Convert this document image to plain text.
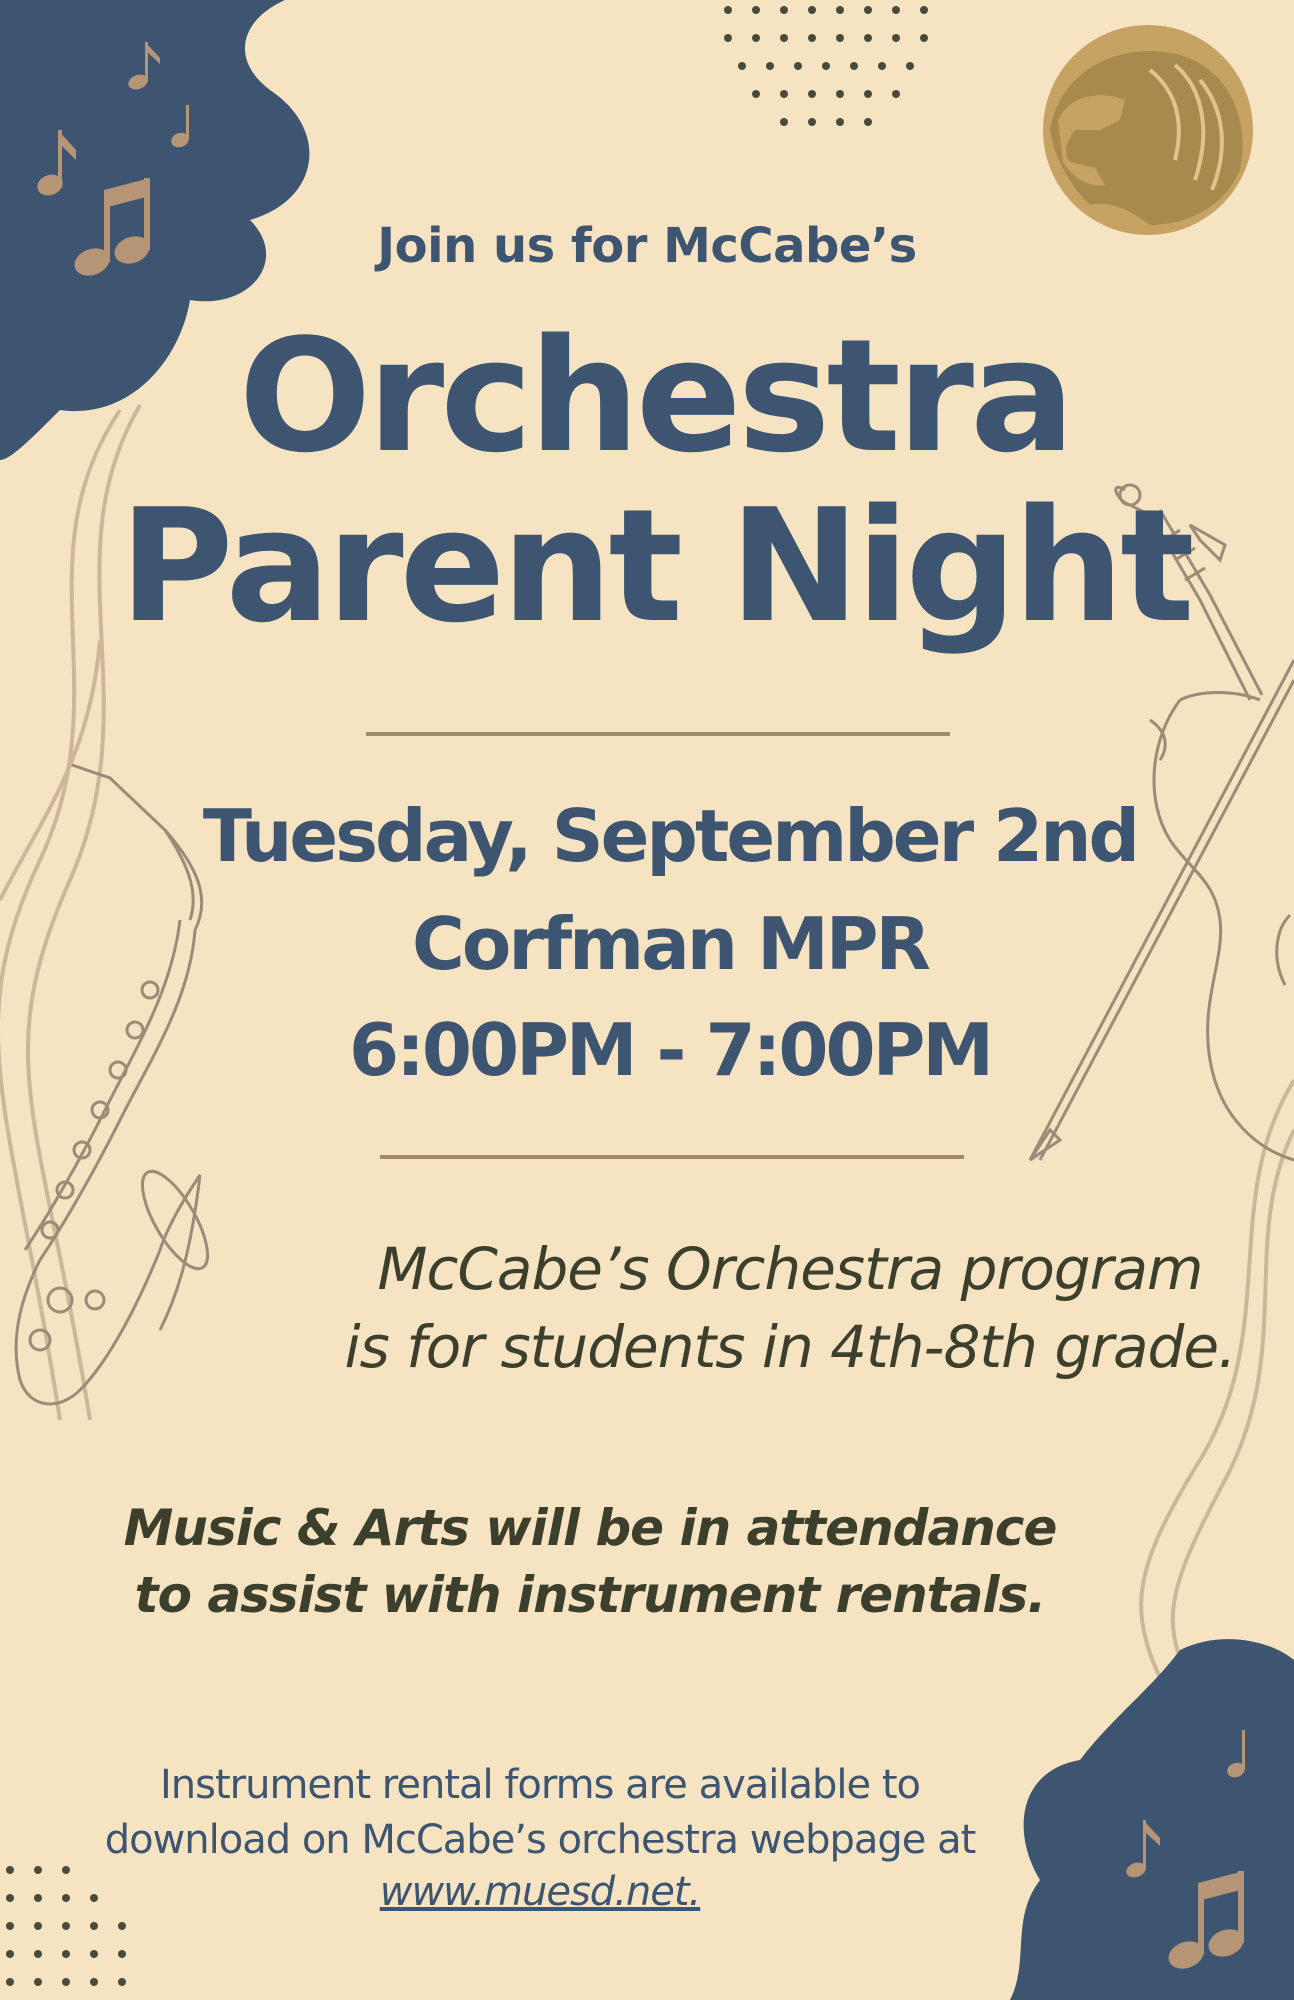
Join us for McCabe’s
Orchestra
Parent Night
Tuesday, September 2nd
Corfman MPR
6:00PM - 7:00PM
McCabe’s Orchestra program
is for students in 4th-8th grade.
Music & Arts will be in attendance
to assist with instrument rentals.
Instrument rental forms are available to
download on McCabe’s orchestra webpage at
www.muesd.net.
